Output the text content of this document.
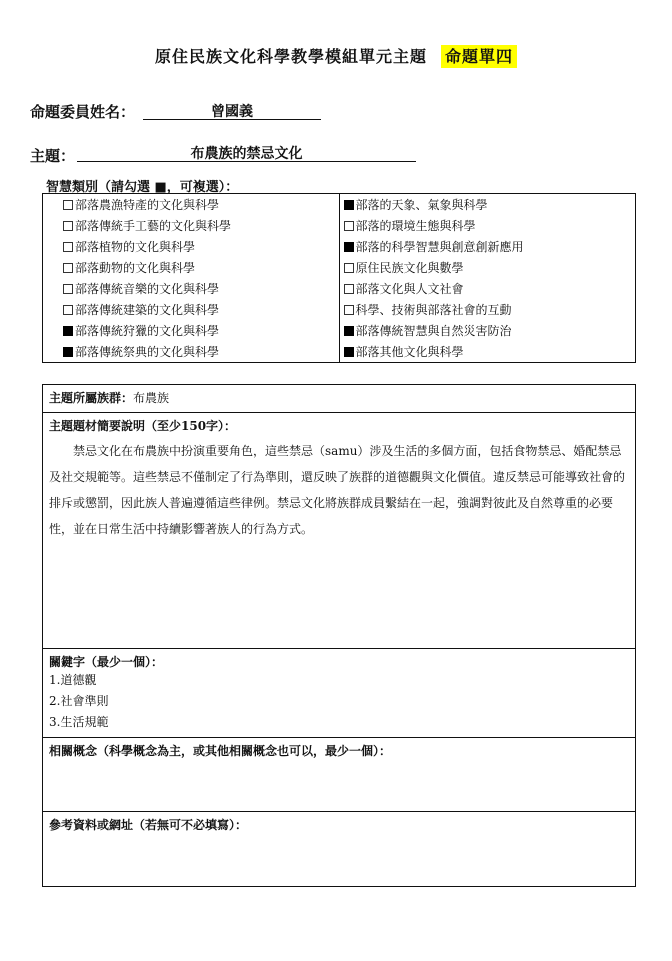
原住民族文化科學教學模組單元主題 命題單四
命題委員姓名：	曾國義
主題：	布農族的禁忌文化
智慧類別（請勾選 ■，可複選）：
部落農漁特產的文化與科學	部落的天象、氣象與科學
部落傳統手工藝的文化與科學	部落的環境生態與科學
部落植物的文化與科學	部落的科學智慧與創意創新應用
部落動物的文化與科學	原住民族文化與數學
部落傳統音樂的文化與科學	部落文化與人文社會
部落傳統建築的文化與科學	科學、技術與部落社會的互動
部落傳統狩獵的文化與科學	部落傳統智慧與自然災害防治
部落傳統祭典的文化與科學	部落其他文化與科學
主題所屬族群：布農族

主題題材簡要說明（至少150字）：
禁忌文化在布農族中扮演重要角色，這些禁忌（samu）涉及生活的多個方面，包括食物禁忌、婚配禁忌及社交規範等。這些禁忌不僅制定了行為準則，還反映了族群的道德觀與文化價值。違反禁忌可能導致社會的排斥或懲罰，因此族人普遍遵循這些律例。禁忌文化將族群成員繫結在一起，強調對彼此及自然尊重的必要性，並在日常生活中持續影響著族人的行為方式。

關鍵字（最少一個）：
1.道德觀
2.社會準則
3.生活規範

相關概念（科學概念為主，或其他相關概念也可以，最少一個）：

參考資料或網址（若無可不必填寫）：
